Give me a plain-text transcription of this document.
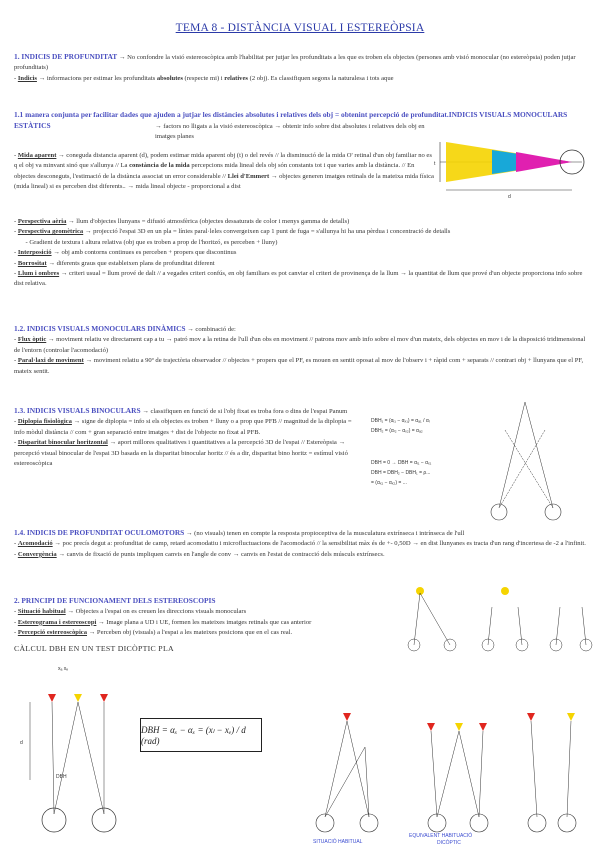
TEMA 8 - DISTÀNCIA VISUAL I ESTEREÒPSIA
1. INDICIS DE PROFUNDITAT → No confondre la visió estereoscòpica amb l'habilitat per jutjar les profunditats a les que es troben els objectes (persones amb visió monocular (no estereòpsia) poden jutjar profunditats)
- Indicis → informacions per estimar les profunditats absolutes (respecte mi) i relatives (2 obj). Es classifiquen segons la naturalesa i tots aque
1.1 manera conjunta per facilitar dades que ajuden a jutjar les distàncies absolutes i relatives dels obj = obtenint percepció de profunditat.INDICIS VISUALS MONOCULARS ESTÀTICS	→ factors no lligats a la visió estereoscòpica → obtenir info sobre dist absolutes i relatives dels obj en imatges planes
- Mida aparent → coneguda distancia aparent (d), podem estimar mida aparent obj (t) o del revés // la disminució de la mida O' retinal d'un obj familiar no es q el obj va minvant sinó que s'allunya // La constància de la mida percepcions mida lineal dels obj són constants tot i que varies amb la distància. // En objectes desconeguts, l'estimació de la distància associat un error considerable // Llei d'Emmert → objectes generen imatges retinals de la mateixa mida física (mida lineal) si es perceben dist diferents.. → mida lineal objecte - proporcional a dist
- Perspectiva aèria → llum d'objectes llunyans = difusió atmosfèrica (objectes dessaturats de color i menys gamma de detalls)
- Perspectiva geomètrica → projecció l'espai 3D en un pla = línies paral·leles convergeixen cap 1 punt de fuga = s'allunya hi ha una pèrdua i concentració de detalls
- Gradient de textura i altura relativa (obj que es troben a prop de l'horitzó, es perceben + lluny)
- Interposició → obj amb contorns continues es perceben + propers que discontinus
- Borrositat → diferents graus que estableixen plans de profunditat diferent
- Llum i ombres → criteri usual = llum prové de dalt // a vegades criteri confús, en obj familiars es pot canviar el criteri de provinença de la llum → la quantitat de llum que prové d'un objecte proporciona info sobre dist relativa.
1.2. INDICIS VISUALS MONOCULARS DINÀMICS → combinació de:
- Flux òptic → moviment relatiu ve directament cap a tu → patró mov a la retina de l'ull d'un obs en moviment // patrons mov amb info sobre el mov d'un mateix, dels objectes en mov i de la disposició tridimensional de l'entorn (controlar l'acomodació)
- Paral·laxi de moviment → moviment relatiu a 90º de trajectòria observador // objectes + propers que el PF, es mouen en sentit oposat al mov de l'observ i + ràpid com + separats // contrari obj + llunyans que el PF, mateix sentit.
1.3. INDICIS VISUALS BINOCULARS → classifiquen en funció de si l'obj fixat es troba fora o dins de l'espai Panum
- Diplopia fisiològica → signe de diplopia = info si els objectes es troben + lluny o a prop que PFB // magnitud de la diplopia = info mòdul distància // com + gran separació entre imatges + dist de l'objecte no fixat al PFB.
- Disparitat binocular horitzontal → aport millores qualitatives i quantitatives a la percepció 3D de l'espai // Estereòpsia → percepció visual binocular de l'espai 3D basada en la disparitat binocular horitz // és a dir, disparitat bino horitz = estímul visió estereoscòpica
1.4. INDICIS DE PROFUNDITAT OCULOMOTORS → (no visuals) tenen en compte la resposta propioceptiva de la musculatura extrínseca i intrínseca de l'ull
- Acomodació → poc precís degut a: profunditat de camp, retard acomodatiu i microfluctuacions de l'acomodació // la sensibilitat màx és de +- 0,50D → en dist llunyanes es tracta d'un rang d'incertesa de -2 a l'infinit.
- Convergència → canvis de fixació de punts impliquen canvis en l'angle de conv → canvis en l'estat de contracció dels músculs extrínsecs.
2. PRINCIPI DE FUNCIONAMENT DELS ESTEREOSCOPIS
- Situació habitual → Objectes a l'espai on es creuen les direccions visuals monoculars
- Estereograma i estereoscopi → Image plana a UD i UE, formen les mateixes imatges retinals que cas anterior
- Percepció estereoscòpica → Perceben obj (visuals) a l'espai a les mateixes posicions que en el cas real.
CÀLCUL DBH EN UN TEST DICÒPTIC PLA
d
t
DBH₁ = (αᵢ₁ − αₓ₁) = αₐ₁ / αᵣ
DBH₂ = (αₗ₂ − αₓ₂) = αₐ₂
DBH = 0 → DBH = αᵢ₁ − αₓ₁
DBH = DBH₂ − DBH₁ = ρ...
= (αₓ₁ − αₓ₂) = ...
xₐ xₑ
d
DBH
DBH = αₓ − αₓ = (xₗ − xₑ) / d (rad)
SITUACIÓ HABITUAL
EQUIVALENT HABITUACIÓ
DICÒPTIC
